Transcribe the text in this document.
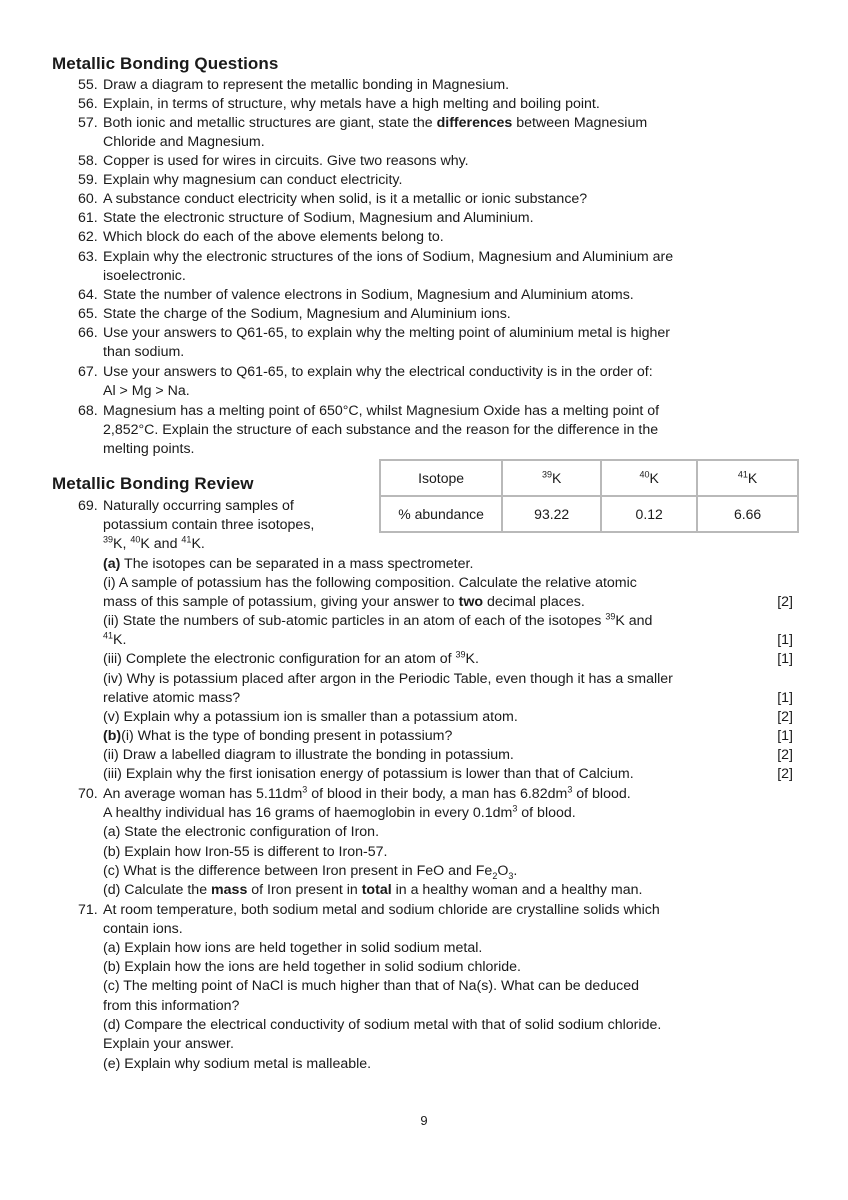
Metallic Bonding Questions
55. Draw a diagram to represent the metallic bonding in Magnesium.
56. Explain, in terms of structure, why metals have a high melting and boiling point.
57. Both ionic and metallic structures are giant, state the differences between Magnesium
Chloride and Magnesium.
58. Copper is used for wires in circuits. Give two reasons why.
59. Explain why magnesium can conduct electricity.
60. A substance conduct electricity when solid, is it a metallic or ionic substance?
61. State the electronic structure of Sodium, Magnesium and Aluminium.
62. Which block do each of the above elements belong to.
63. Explain why the electronic structures of the ions of Sodium, Magnesium and Aluminium are
isoelectronic.
64. State the number of valence electrons in Sodium, Magnesium and Aluminium atoms.
65. State the charge of the Sodium, Magnesium and Aluminium ions.
66. Use your answers to Q61-65, to explain why the melting point of aluminium metal is higher
than sodium.
67. Use your answers to Q61-65, to explain why the electrical conductivity is in the order of:
Al > Mg > Na.
68. Magnesium has a melting point of 650°C, whilst Magnesium Oxide has a melting point of
2,852°C. Explain the structure of each substance and the reason for the difference in the
melting points.
Metallic Bonding Review	Isotope	$^{39}$K	$^{40}$K	$^{41}$K
% abundance	93.22	0.12	6.66
69. Naturally occurring samples of
potassium contain three isotopes,
$^{39}$K, $^{40}$K and $^{41}$K.
(a) The isotopes can be separated in a mass spectrometer.
(i) A sample of potassium has the following composition. Calculate the relative atomic
mass of this sample of potassium, giving your answer to two decimal places.	[2]
(ii) State the numbers of sub-atomic particles in an atom of each of the isotopes $^{39}$K and
$^{41}$K.	[1]
(iii) Complete the electronic configuration for an atom of $^{39}$K.	[1]
(iv) Why is potassium placed after argon in the Periodic Table, even though it has a smaller
relative atomic mass?	[1]
(v) Explain why a potassium ion is smaller than a potassium atom.	[2]
(b)(i) What is the type of bonding present in potassium?	[1]
(ii) Draw a labelled diagram to illustrate the bonding in potassium.	[2]
(iii) Explain why the first ionisation energy of potassium is lower than that of Calcium.	[2]
70. An average woman has $5.11dm^3$ of blood in their body, a man has $6.82dm^3$ of blood.
A healthy individual has 16 grams of haemoglobin in every $0.1dm^3$ of blood.
(a) State the electronic configuration of Iron.
(b) Explain how Iron-55 is different to Iron-57.
(c) What is the difference between Iron present in FeO and $Fe_2O_3$.
(d) Calculate the mass of Iron present in total in a healthy woman and a healthy man.
71. At room temperature, both sodium metal and sodium chloride are crystalline solids which
contain ions.
(a) Explain how ions are held together in solid sodium metal.
(b) Explain how the ions are held together in solid sodium chloride.
(c) The melting point of NaCl is much higher than that of Na(s). What can be deduced
from this information?
(d) Compare the electrical conductivity of sodium metal with that of solid sodium chloride.
Explain your answer.
(e) Explain why sodium metal is malleable.
9
